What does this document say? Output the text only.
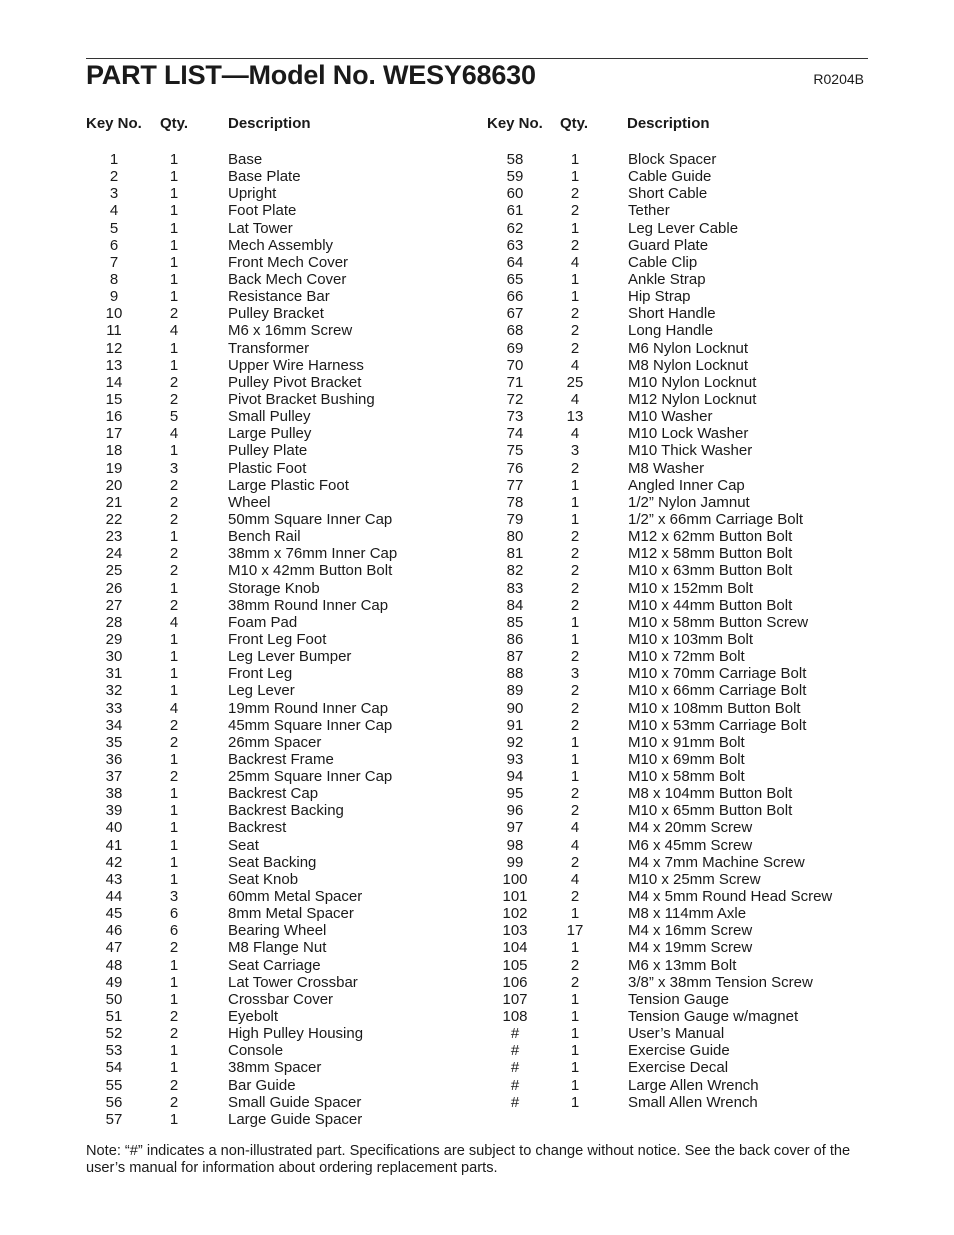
PART LIST—Model No. WESY68630	R0204B
Key No. Qty.	Description	Key No. Qty.	Description
1	1	Base
2	1	Base Plate
3	1	Upright
4	1	Foot Plate
5	1	Lat Tower
6	1	Mech Assembly
7	1	Front Mech Cover
8	1	Back Mech Cover
9	1	Resistance Bar
10	2	Pulley Bracket
11	4	M6 x 16mm Screw
12	1	Transformer
13	1	Upper Wire Harness
14	2	Pulley Pivot Bracket
15	2	Pivot Bracket Bushing
16	5	Small Pulley
17	4	Large Pulley
18	1	Pulley Plate
19	3	Plastic Foot
20	2	Large Plastic Foot
21	2	Wheel
22	2	50mm Square Inner Cap
23	1	Bench Rail
24	2	38mm x 76mm Inner Cap
25	2	M10 x 42mm Button Bolt
26	1	Storage Knob
27	2	38mm Round Inner Cap
28	4	Foam Pad
29	1	Front Leg Foot
30	1	Leg Lever Bumper
31	1	Front Leg
32	1	Leg Lever
33	4	19mm Round Inner Cap
34	2	45mm Square Inner Cap
35	2	26mm Spacer
36	1	Backrest Frame
37	2	25mm Square Inner Cap
38	1	Backrest Cap
39	1	Backrest Backing
40	1	Backrest
41	1	Seat
42	1	Seat Backing
43	1	Seat Knob
44	3	60mm Metal Spacer
45	6	8mm Metal Spacer
46	6	Bearing Wheel
47	2	M8 Flange Nut
48	1	Seat Carriage
49	1	Lat Tower Crossbar
50	1	Crossbar Cover
51	2	Eyebolt
52	2	High Pulley Housing
53	1	Console
54	1	38mm Spacer
55	2	Bar Guide
56	2	Small Guide Spacer
57	1	Large Guide Spacer
58	1	Block Spacer
59	1	Cable Guide
60	2	Short Cable
61	2	Tether
62	1	Leg Lever Cable
63	2	Guard Plate
64	4	Cable Clip
65	1	Ankle Strap
66	1	Hip Strap
67	2	Short Handle
68	2	Long Handle
69	2	M6 Nylon Locknut
70	4	M8 Nylon Locknut
71	25	M10 Nylon Locknut
72	4	M12 Nylon Locknut
73	13	M10 Washer
74	4	M10 Lock Washer
75	3	M10 Thick Washer
76	2	M8 Washer
77	1	Angled Inner Cap
78	1	1/2” Nylon Jamnut
79	1	1/2” x 66mm Carriage Bolt
80	2	M12 x 62mm Button Bolt
81	2	M12 x 58mm Button Bolt
82	2	M10 x 63mm Button Bolt
83	2	M10 x 152mm Bolt
84	2	M10 x 44mm Button Bolt
85	1	M10 x 58mm Button Screw
86	1	M10 x 103mm Bolt
87	2	M10 x 72mm Bolt
88	3	M10 x 70mm Carriage Bolt
89	2	M10 x 66mm Carriage Bolt
90	2	M10 x 108mm Button Bolt
91	2	M10 x 53mm Carriage Bolt
92	1	M10 x 91mm Bolt
93	1	M10 x 69mm Bolt
94	1	M10 x 58mm Bolt
95	2	M8 x 104mm Button Bolt
96	2	M10 x 65mm Button Bolt
97	4	M4 x 20mm Screw
98	4	M6 x 45mm Screw
99	2	M4 x 7mm Machine Screw
100	4	M10 x 25mm Screw
101	2	M4 x 5mm Round Head Screw
102	1	M8 x 114mm Axle
103	17	M4 x 16mm Screw
104	1	M4 x 19mm Screw
105	2	M6 x 13mm Bolt
106	2	3/8” x 38mm Tension Screw
107	1	Tension Gauge
108	1	Tension Gauge w/magnet
#	1	User’s Manual
#	1	Exercise Guide
#	1	Exercise Decal
#	1	Large Allen Wrench
#	1	Small Allen Wrench
Note: “#” indicates a non-illustrated part. Specifications are subject to change without notice. See the back cover of the user’s manual for information about ordering replacement parts.
